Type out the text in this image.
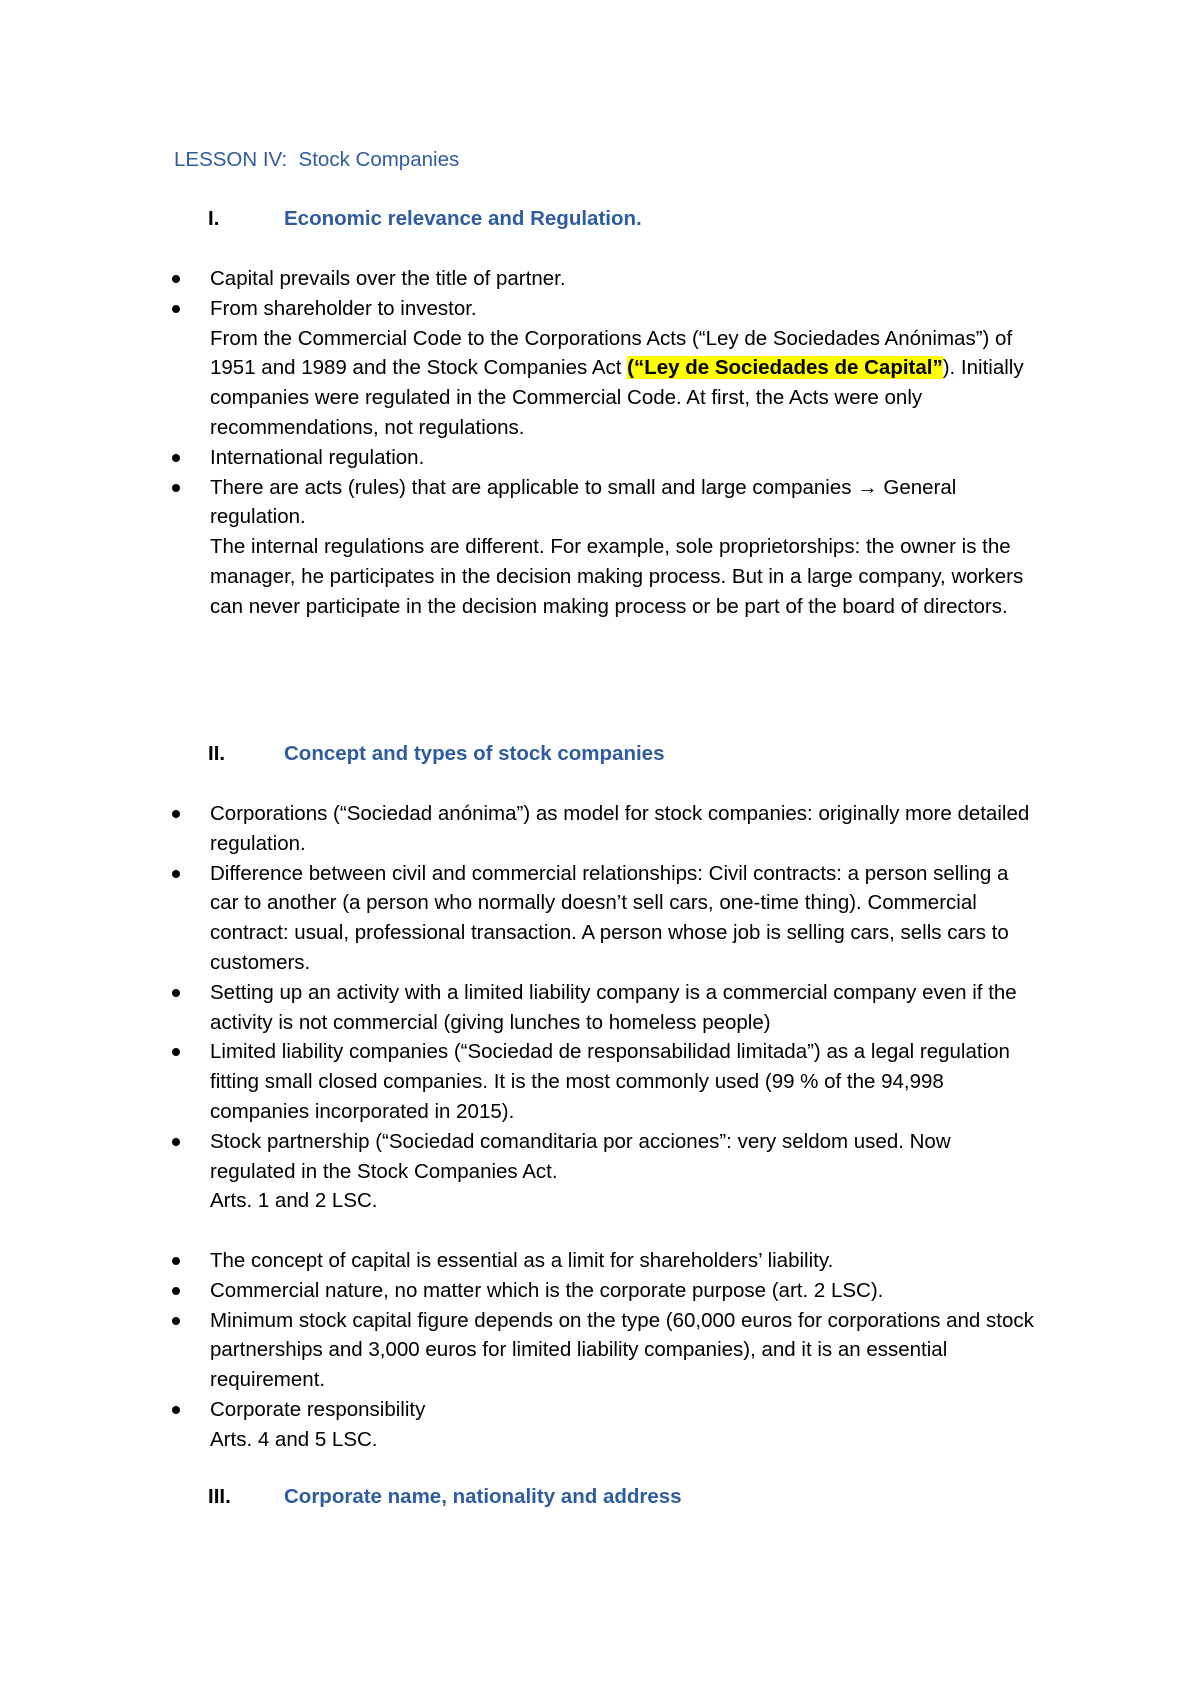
LESSON IV:  Stock Companies
I.	Economic relevance and Regulation.
Capital prevails over the title of partner.
From shareholder to investor.
From the Commercial Code to the Corporations Acts (“Ley de Sociedades Anónimas”) of 1951 and 1989 and the Stock Companies Act (“Ley de Sociedades de Capital”). Initially companies were regulated in the Commercial Code. At first, the Acts were only recommendations, not regulations.
International regulation.
There are acts (rules) that are applicable to small and large companies → General regulation.
The internal regulations are different. For example, sole proprietorships: the owner is the manager, he participates in the decision making process. But in a large company, workers can never participate in the decision making process or be part of the board of directors.
II.	Concept and types of stock companies
Corporations (“Sociedad anónima”) as model for stock companies: originally more detailed regulation.
Difference between civil and commercial relationships: Civil contracts: a person selling a car to another (a person who normally doesn’t sell cars, one-time thing). Commercial contract: usual, professional transaction. A person whose job is selling cars, sells cars to customers.
Setting up an activity with a limited liability company is a commercial company even if the activity is not commercial (giving lunches to homeless people)
Limited liability companies (“Sociedad de responsabilidad limitada”) as a legal regulation fitting small closed companies. It is the most commonly used (99 % of the 94,998 companies incorporated in 2015).
Stock partnership (“Sociedad comanditaria por acciones”: very seldom used. Now regulated in the Stock Companies Act.
Arts. 1 and 2 LSC.
The concept of capital is essential as a limit for shareholders’ liability.
Commercial nature, no matter which is the corporate purpose (art. 2 LSC).
Minimum stock capital figure depends on the type (60,000 euros for corporations and stock partnerships and 3,000 euros for limited liability companies), and it is an essential requirement.
Corporate responsibility
Arts. 4 and 5 LSC.
III.	Corporate name, nationality and address
